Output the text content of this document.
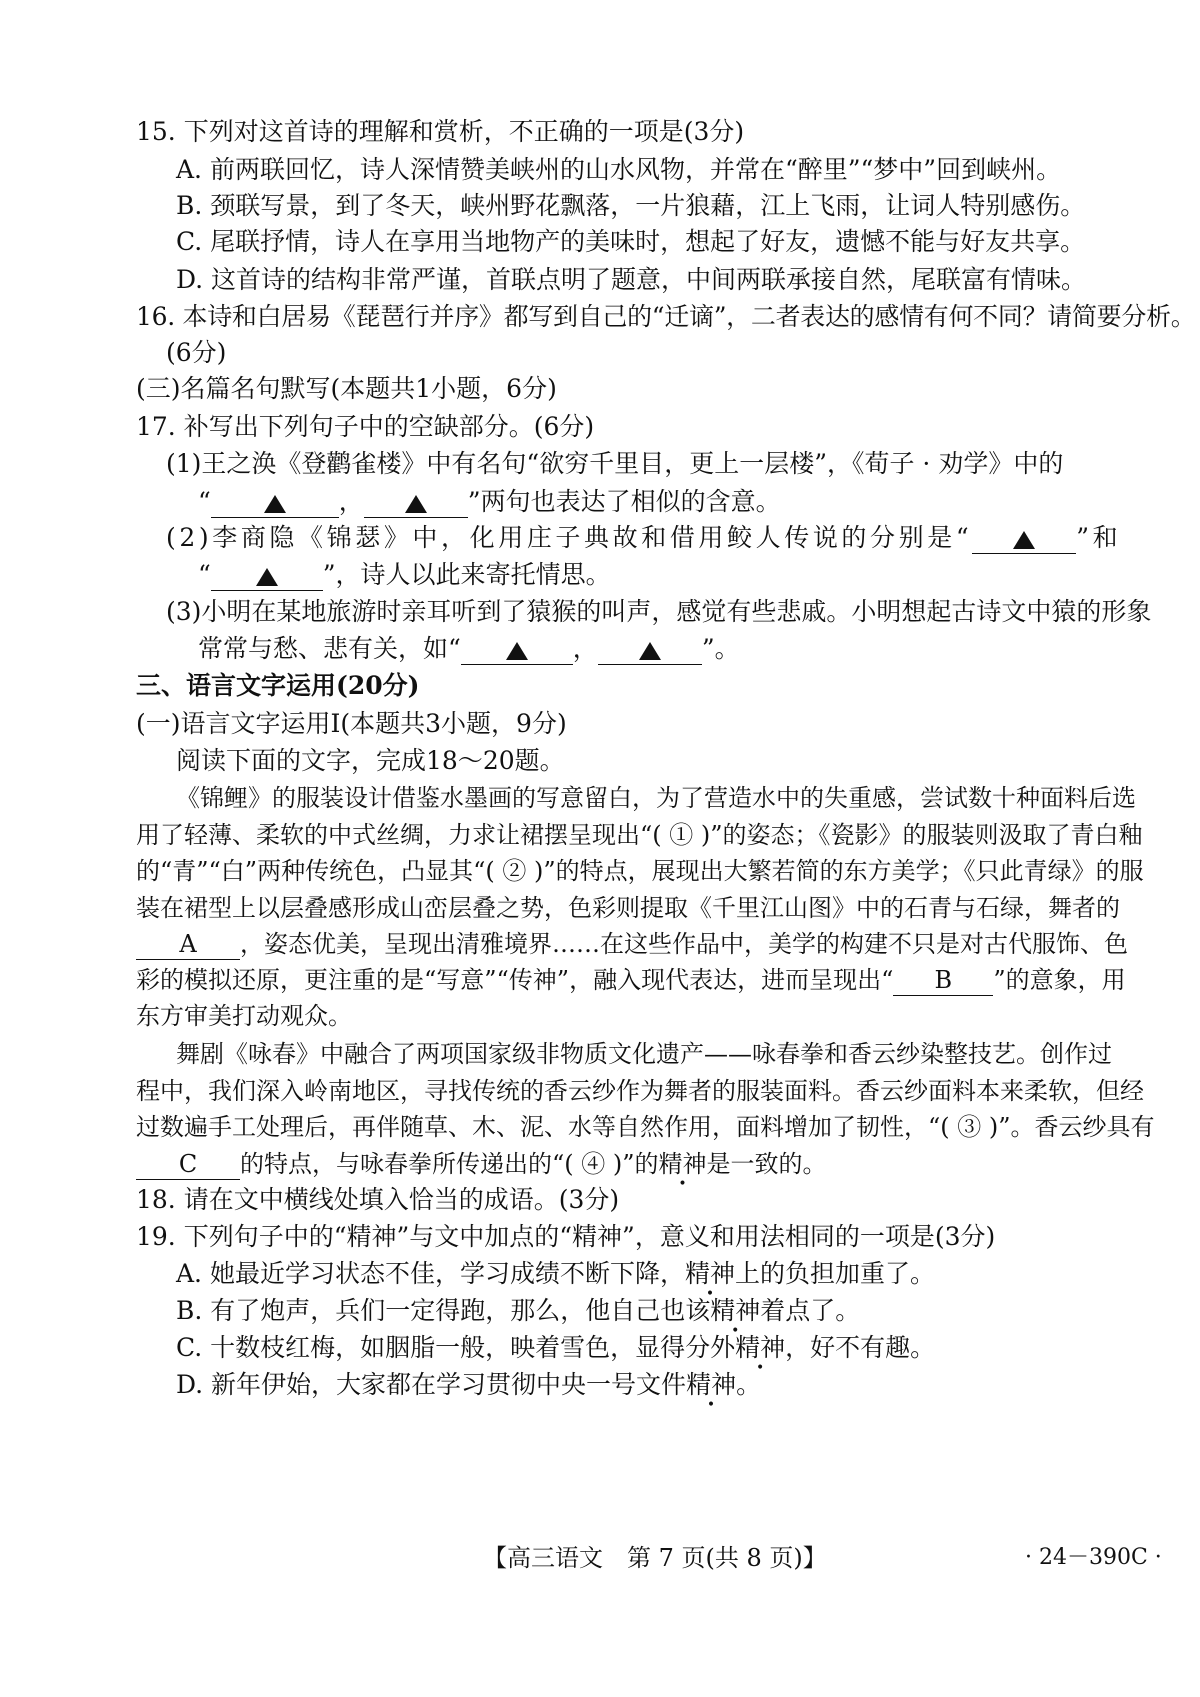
15. 下列对这首诗的理解和赏析，不正确的一项是(3分)
A. 前两联回忆，诗人深情赞美峡州的山水风物，并常在“醉里”“梦中”回到峡州。
B. 颈联写景，到了冬天，峡州野花飘落，一片狼藉，江上飞雨，让词人特别感伤。
C. 尾联抒情，诗人在享用当地物产的美味时，想起了好友，遗憾不能与好友共享。
D. 这首诗的结构非常严谨，首联点明了题意，中间两联承接自然，尾联富有情味。
16. 本诗和白居易《琵琶行并序》都写到自己的“迁谪”，二者表达的感情有何不同？请简要分析。
(6分)
(三)名篇名句默写(本题共1小题，6分)
17. 补写出下列句子中的空缺部分。(6分)
(1)王之涣《登鹳雀楼》中有名句“欲穷千里目，更上一层楼”，《荀子 · 劝学》中的
“	，	”两句也表达了相似的含意。
(2)李商隐《锦瑟》中，化用庄子典故和借用鲛人传说的分别是“	”和
“	”，诗人以此来寄托情思。
(3)小明在某地旅游时亲耳听到了猿猴的叫声，感觉有些悲戚。小明想起古诗文中猿的形象
常常与愁、悲有关，如“	，	”。
三、语言文字运用(20分)
(一)语言文字运用Ⅰ(本题共3小题，9分)
阅读下面的文字，完成18～20题。
《锦鲤》的服装设计借鉴水墨画的写意留白，为了营造水中的失重感，尝试数十种面料后选
用了轻薄、柔软的中式丝绸，力求让裙摆呈现出“( ① )”的姿态；《瓷影》的服装则汲取了青白釉
的“青”“白”两种传统色，凸显其“( ② )”的特点，展现出大繁若简的东方美学；《只此青绿》的服
装在裙型上以层叠感形成山峦层叠之势，色彩则提取《千里江山图》中的石青与石绿，舞者的
A ，姿态优美，呈现出清雅境界……在这些作品中，美学的构建不只是对古代服饰、色
彩的模拟还原，更注重的是“写意”“传神”，融入现代表达，进而呈现出“ B ”的意象，用
东方审美打动观众。
舞剧《咏春》中融合了两项国家级非物质文化遗产——咏春拳和香云纱染整技艺。创作过
程中，我们深入岭南地区，寻找传统的香云纱作为舞者的服装面料。香云纱面料本来柔软，但经
过数遍手工处理后，再伴随草、木、泥、水等自然作用，面料增加了韧性，“( ③ )”。香云纱具有
C 的特点，与咏春拳所传递出的“( ④ )”的精神是一致的。
18. 请在文中横线处填入恰当的成语。(3分)
19. 下列句子中的“精神”与文中加点的“精神”，意义和用法相同的一项是(3分)
A. 她最近学习状态不佳，学习成绩不断下降，精神上的负担加重了。
B. 有了炮声，兵们一定得跑，那么，他自己也该精神着点了。
C. 十数枝红梅，如胭脂一般，映着雪色，显得分外精神，好不有趣。
D. 新年伊始，大家都在学习贯彻中央一号文件精神。
【高三语文　第 7 页(共 8 页)】	· 24－390C ·
